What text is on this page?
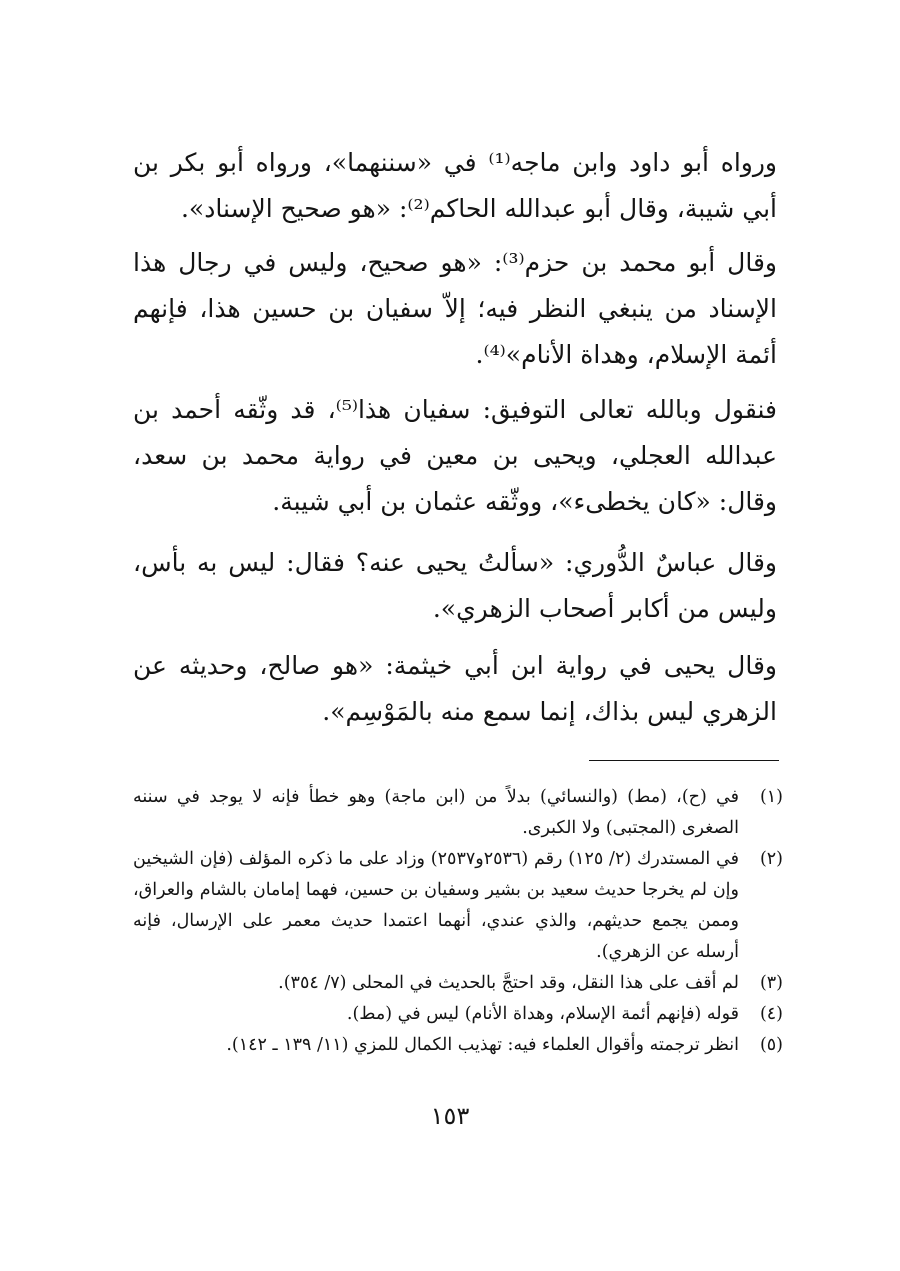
ورواه أبو داود وابن ماجه⁽¹⁾ في «سننهما»، ورواه أبو بكر بن أبي شيبة، وقال أبو عبدالله الحاكم⁽²⁾: «هو صحيح الإسناد».

وقال أبو محمد بن حزم⁽³⁾: «هو صحيح، وليس في رجال هذا الإسناد من ينبغي النظر فيه؛ إلاّ سفيان بن حسين هذا، فإنهم أئمة الإسلام، وهداة الأنام»⁽⁴⁾.

فنقول وبالله تعالى التوفيق: سفيان هذا⁽⁵⁾، قد وثّقه أحمد بن عبدالله العجلي، ويحيى بن معين في رواية محمد بن سعد، وقال: «كان يخطىء»، ووثّقه عثمان بن أبي شيبة.

وقال عباسٌ الدُّوري: «سألتُ يحيى عنه؟ فقال: ليس به بأس، وليس من أكابر أصحاب الزهري».

وقال يحيى في رواية ابن أبي خيثمة: «هو صالح، وحديثه عن الزهري ليس بذاك، إنما سمع منه بالمَوْسِم».

(١)
في (ح)، (مط) (والنسائي) بدلاً من (ابن ماجة) وهو خطأ فإنه لا يوجد في سننه الصغرى (المجتبى) ولا الكبرى.
(٢)
في المستدرك (٢/ ١٢٥) رقم (٢٥٣٦و٢٥٣٧) وزاد على ما ذكره المؤلف (فإن الشيخين وإن لم يخرجا حديث سعيد بن بشير وسفيان بن حسين، فهما إمامان بالشام والعراق، وممن يجمع حديثهم، والذي عندي، أنهما اعتمدا حديث معمر على الإرسال، فإنه أرسله عن الزهري).
(٣)
لم أقف على هذا النقل، وقد احتجَّ بالحديث في المحلى (٧/ ٣٥٤).
(٤)
قوله (فإنهم أئمة الإسلام، وهداة الأنام) ليس في (مط).
(٥)
انظر ترجمته وأقوال العلماء فيه: تهذيب الكمال للمزي (١١/ ١٣٩ ـ ١٤٢).
١٥٣
